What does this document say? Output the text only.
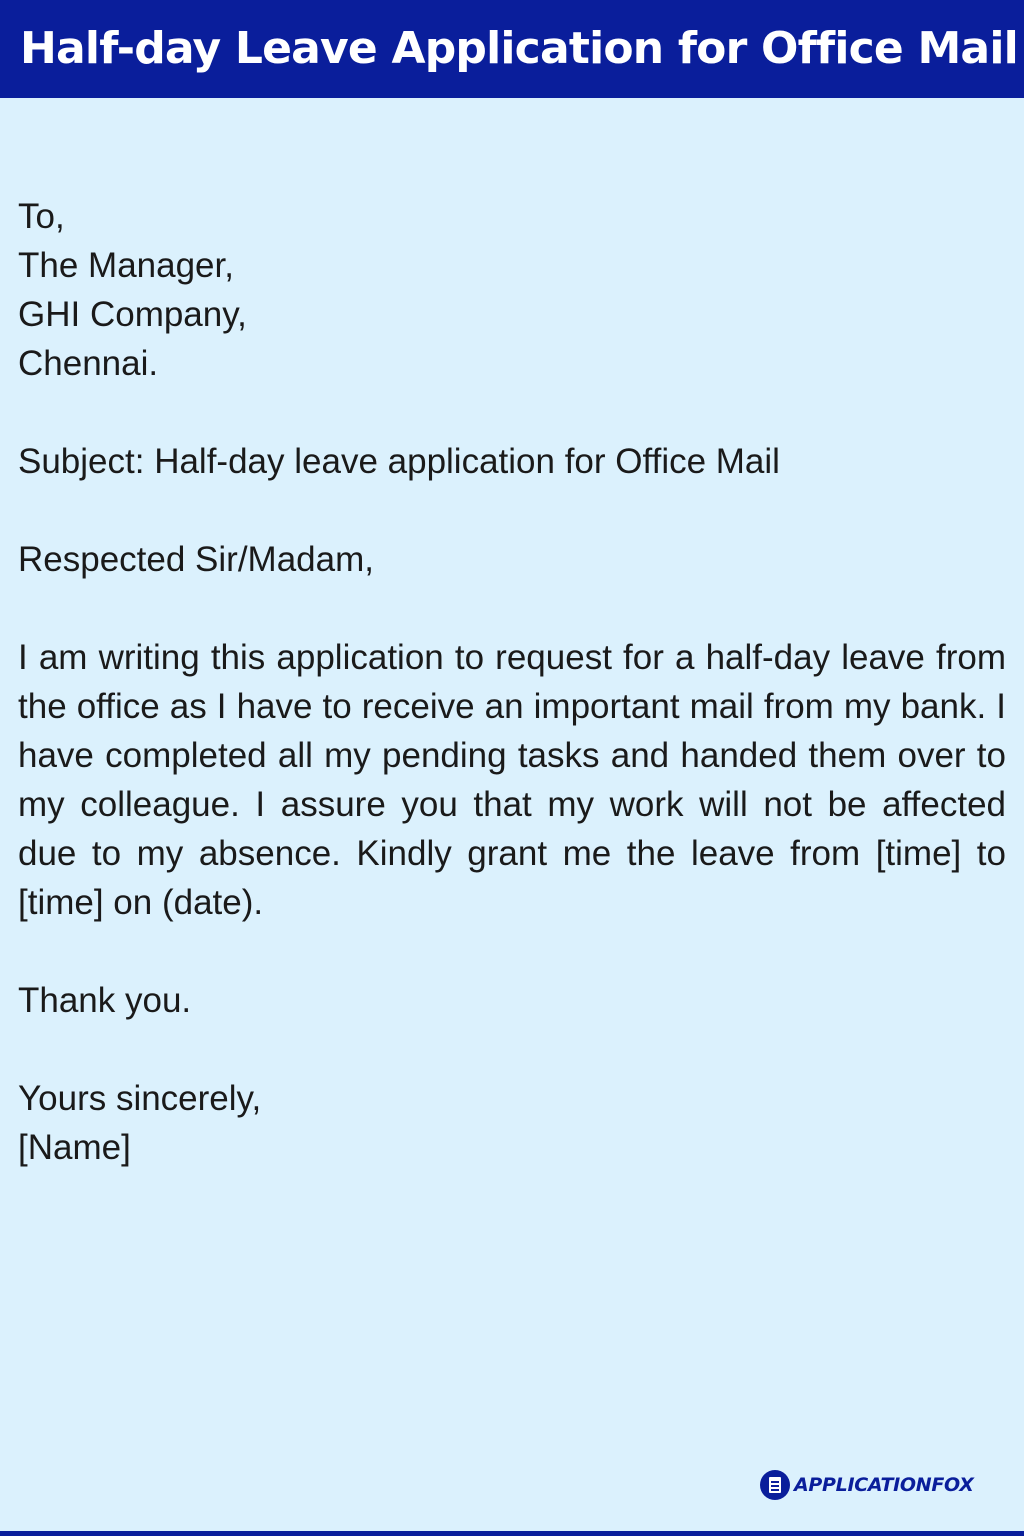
Half-day Leave Application for Office Mail

To,

The Manager,

GHI Company,

Chennai.

Subject: Half-day leave application for Office Mail

Respected Sir/Madam,

I am writing this application to request for a half-day leave from the office as I have to receive an important mail from my bank. I have completed all my pending tasks and handed them over to my colleague. I assure you that my work will not be affected due to my absence. Kindly grant me the leave from [time] to [time] on (date).

Thank you.

Yours sincerely,

[Name]

APPLICATIONFOX
